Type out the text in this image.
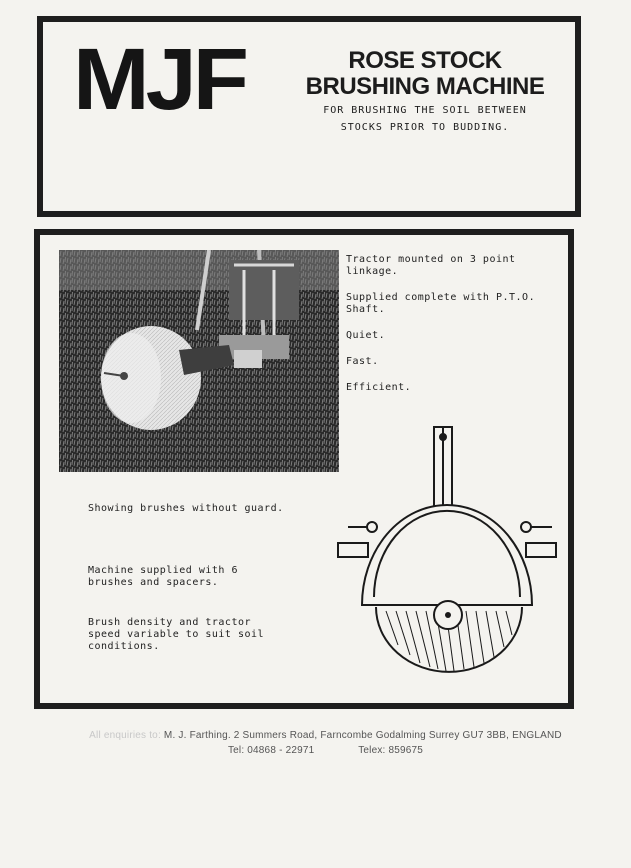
MJF	ROSE STOCK
BRUSHING MACHINE
FOR BRUSHING THE SOIL BETWEEN
STOCKS PRIOR TO BUDDING.
Tractor mounted on 3 point linkage.
Supplied complete with P.T.O. Shaft.
Quiet.
Fast.
Efficient.
Showing brushes without guard.
Machine supplied with 6 brushes and spacers.
Brush density and tractor speed variable to suit soil conditions.
All enquiries to: M. J. Farthing. 2 Summers Road, Farncombe Godalming Surrey GU7 3BB, ENGLAND
Tel: 04868 - 22971	Telex: 859675
